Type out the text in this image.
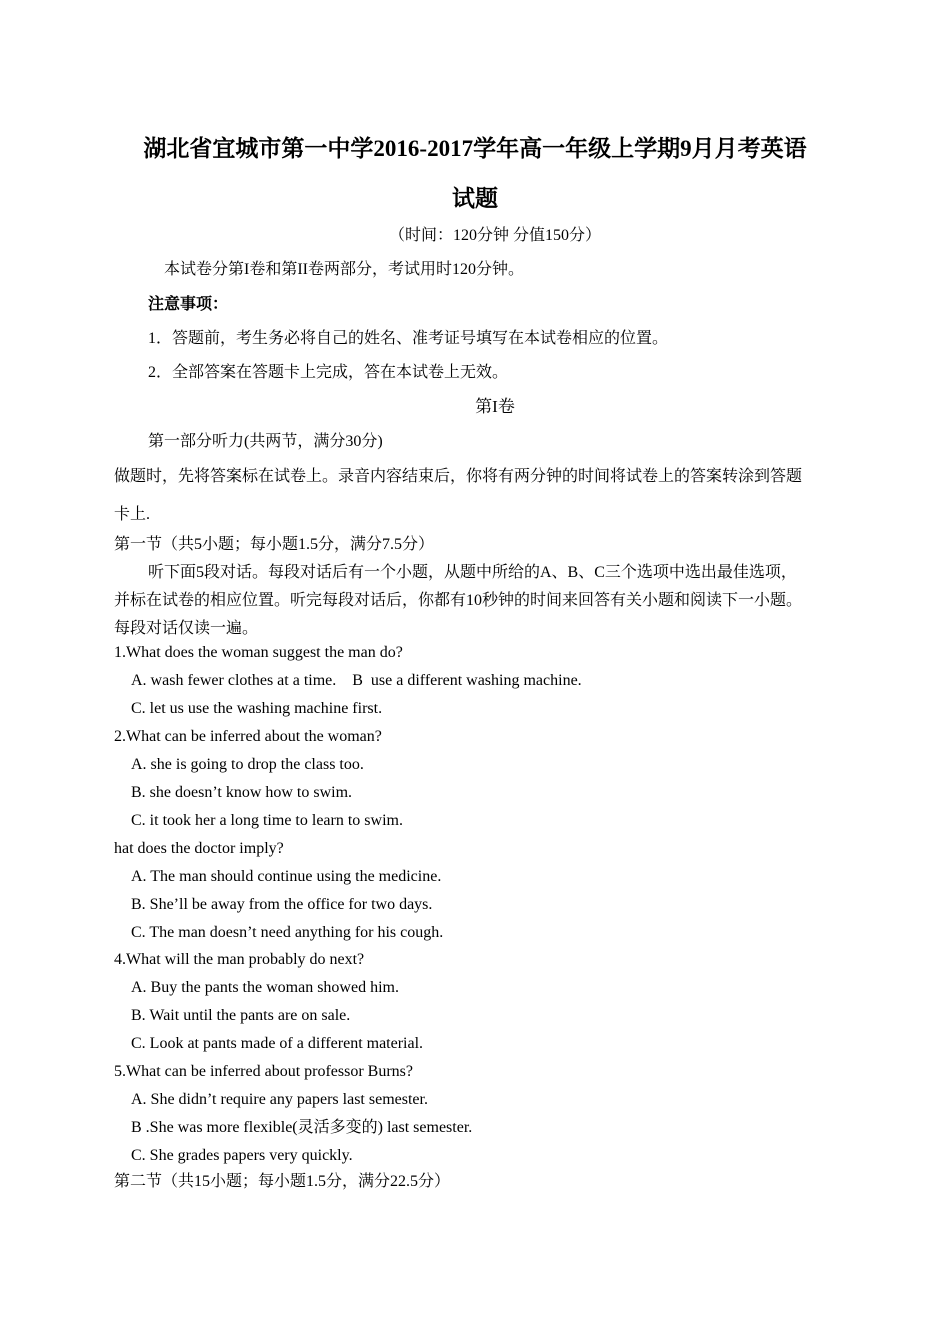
湖北省宜城市第一中学2016-2017学年高一年级上学期9月月考英语
试题
（时间：120分钟 分值150分）
本试卷分第I卷和第II卷两部分，考试用时120分钟。
注意事项：
1．答题前，考生务必将自己的姓名、准考证号填写在本试卷相应的位置。
2．全部答案在答题卡上完成，答在本试卷上无效。
第I卷
第一部分听力(共两节，满分30分)
做题时，先将答案标在试卷上。录音内容结束后，你将有两分钟的时间将试卷上的答案转涂到答题
卡上.
第一节（共5小题；每小题1.5分，满分7.5分）
听下面5段对话。每段对话后有一个小题，从题中所给的A、B、C三个选项中选出最佳选项，
并标在试卷的相应位置。听完每段对话后，你都有10秒钟的时间来回答有关小题和阅读下一小题。
每段对话仅读一遍。
1.What does the woman suggest the man do?
A. wash fewer clothes at a time.    B  use a different washing machine.
C. let us use the washing machine first.
2.What can be inferred about the woman?
A. she is going to drop the class too.
B. she doesn’t know how to swim.
C. it took her a long time to learn to swim.
hat does the doctor imply?
A. The man should continue using the medicine.
B. She’ll be away from the office for two days.
C. The man doesn’t need anything for his cough.
4.What will the man probably do next?
A. Buy the pants the woman showed him.
B. Wait until the pants are on sale.
C. Look at pants made of a different material.
5.What can be inferred about professor Burns?
A. She didn’t require any papers last semester.
B .She was more flexible(灵活多变的) last semester.
C. She grades papers very quickly.
第二节（共15小题；每小题1.5分，满分22.5分）
